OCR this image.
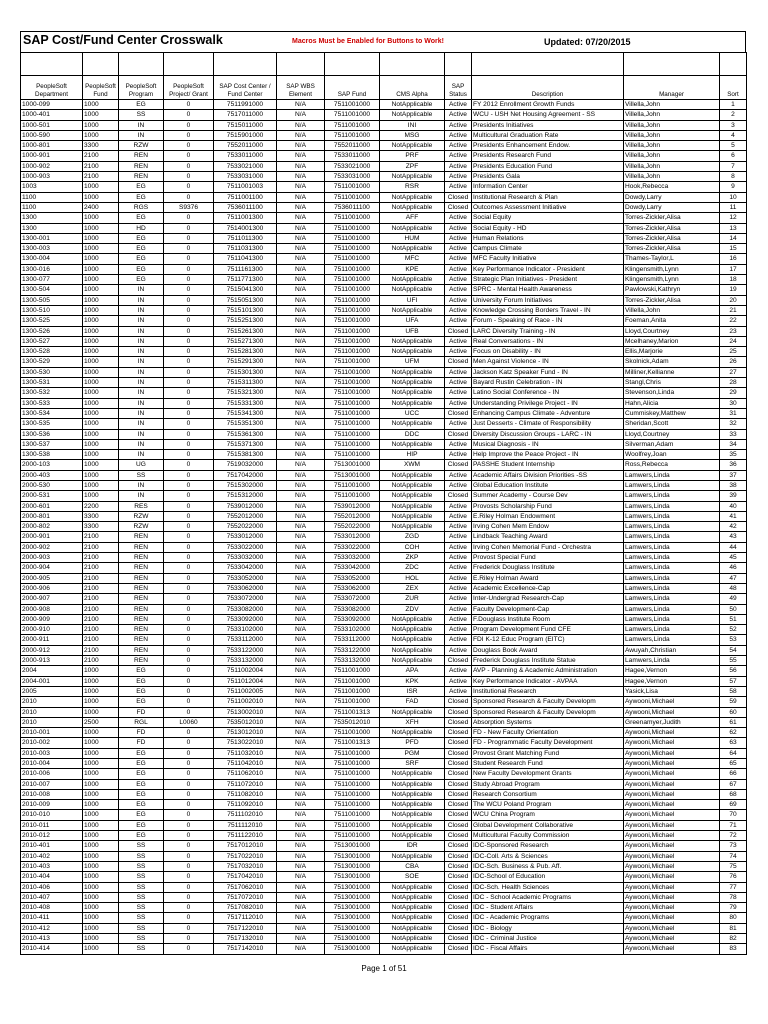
SAP Cost/Fund Center Crosswalk	Macros Must be Enabled for Buttons to Work!	Updated: 07/20/2015

PeopleSoft Department	PeopleSoft Fund	PeopleSoft Program	PeopleSoft Project/ Grant	SAP Cost Center / Fund Center	SAP WBS Element	SAP Fund	CMS Alpha	SAP Status	Description	Manager	Sort
1000-099	1000	EG	0	7511991000	N/A	7511001000	NotApplicable	Active	FY 2012 Enrollment Growth Funds	Villella,John	1
1000-401	1000	SS	0	7517011000	N/A	7511001000	NotApplicable	Active	WCU - USH Net Housing Agreement - SS	Villella,John	2
1000-501	1000	IN	0	7515011000	N/A	7511001000	INI	Active	Presidents Initiatives	Villella,John	3
1000-590	1000	IN	0	7515901000	N/A	7511001000	MSG	Active	Multicultural Graduation Rate	Villella,John	4
1000-801	3300	RZW	0	7552011000	N/A	7552011000	NotApplicable	Active	Presidents Enhancement Endow.	Villella,John	5
1000-901	2100	REN	0	7533011000	N/A	7533011000	PRF	Active	Presidents Research Fund	Villella,John	6
1000-902	2100	REN	0	7533021000	N/A	7533021000	ZPF	Active	Presidents Education Fund	Villella,John	7
1000-903	2100	REN	0	7533031000	N/A	7533031000	NotApplicable	Active	Presidents Gala	Villella,John	8
1003	1000	EG	0	7511001003	N/A	7511001000	RSR	Active	Information Center	Hook,Rebecca	9
1100	1000	EG	0	7511001100	N/A	7511001000	NotApplicable	Closed	Institutional Research & Plan	Dowdy,Larry	10
1100	2400	RGS	S9376	7536011100	N/A	7536011100	NotApplicable	Closed	Outcomes Assessment Initiative	Dowdy,Larry	11
1300	1000	EG	0	7511001300	N/A	7511001000	AFF	Active	Social Equity	Torres-Zickler,Alisa	12
1300	1000	HD	0	7514001300	N/A	7511001000	NotApplicable	Active	Social Equity - HD	Torres-Zickler,Alisa	13
1300-001	1000	EG	0	7511011300	N/A	7511001000	HUM	Active	Human Relations	Torres-Zickler,Alisa	14
1300-003	1000	EG	0	7511031300	N/A	7511001000	NotApplicable	Active	Campus Climate	Torres-Zickler,Alisa	15
1300-004	1000	EG	0	7511041300	N/A	7511001000	MFC	Active	MFC Faculty Initiative	Thames-Taylor,L	16
1300-016	1000	EG	0	7511161300	N/A	7511001000	KPE	Active	Key Performance Indicator - President	Klingensmith,Lynn	17
1300-077	1000	EG	0	7511771300	N/A	7511001000	NotApplicable	Active	Strategic Plan Initiatives - President	Klingensmith,Lynn	18
1300-504	1000	IN	0	7515041300	N/A	7511001000	NotApplicable	Active	SPRC - Mental Health Awareness	Pawlowski,Kathryn	19
1300-505	1000	IN	0	7515051300	N/A	7511001000	UFI	Active	University Forum Initiatives	Torres-Zickler,Alisa	20
1300-510	1000	IN	0	7515101300	N/A	7511001000	NotApplicable	Active	Knowledge Crossing Borders Travel - IN	Villella,John	21
1300-525	1000	IN	0	7515251300	N/A	7511001000	UFA	Active	Forum - Speaking of Race - IN	Foeman,Anita	22
1300-526	1000	IN	0	7515261300	N/A	7511001000	UFB	Closed	LARC Diversity Training - IN	Lloyd,Courtney	23
1300-527	1000	IN	0	7515271300	N/A	7511001000	NotApplicable	Active	Real Conversations - IN	Mcelhaney,Marion	24
1300-528	1000	IN	0	7515281300	N/A	7511001000	NotApplicable	Active	Focus on Disability - IN	Ellis,Marjorie	25
1300-529	1000	IN	0	7515291300	N/A	7511001000	UFM	Closed	Men Against Violence - IN	Skolnick,Adam	26
1300-530	1000	IN	0	7515301300	N/A	7511001000	NotApplicable	Active	Jackson Katz Speaker Fund - IN	Milliner,Kellianne	27
1300-531	1000	IN	0	7515311300	N/A	7511001000	NotApplicable	Active	Bayard Rustin Celebration - IN	Stangl,Chris	28
1300-532	1000	IN	0	7515321300	N/A	7511001000	NotApplicable	Active	Latino Social Conference - IN	Stevenson,Linda	29
1300-533	1000	IN	0	7515331300	N/A	7511001000	NotApplicable	Active	Understanding Privilege Project - IN	Hahn,Alicia	30
1300-534	1000	IN	0	7515341300	N/A	7511001000	UCC	Closed	Enhancing Campus Climate - Adventure	Cummiskey,Matthew	31
1300-535	1000	IN	0	7515351300	N/A	7511001000	NotApplicable	Active	Just Desserts - Climate of Responsibility	Sheridan,Scott	32
1300-536	1000	IN	0	7515361300	N/A	7511001000	DDC	Closed	Diversity Discussion Groups - LARC - IN	Lloyd,Courtney	33
1300-537	1000	IN	0	7515371300	N/A	7511001000	NotApplicable	Active	Musical Diagnosis - IN	Silverman,Adam	34
1300-538	1000	IN	0	7515381300	N/A	7511001000	HIP	Active	Help Improve the Peace Project - IN	Woolfrey,Joan	35
2000-103	1000	UG	0	7519032000	N/A	7513001000	XWM	Closed	PASSHE Student Internship	Ross,Rebecca	36
2000-403	1000	SS	0	7517042000	N/A	7513001000	NotApplicable	Active	Academic Affairs Division Priorities -SS	Lamwers,Linda	37
2000-530	1000	IN	0	7515302000	N/A	7511001000	NotApplicable	Active	Global Education Institute	Lamwers,Linda	38
2000-531	1000	IN	0	7515312000	N/A	7511001000	NotApplicable	Closed	Summer Academy - Course Dev	Lamwers,Linda	39
2000-601	2200	RES	0	7539012000	N/A	7539012000	NotApplicable	Active	Provosts Scholarship Fund	Lamwers,Linda	40
2000-801	3300	RZW	0	7552012000	N/A	7552012000	NotApplicable	Active	E.Riley Holman Endowment	Lamwers,Linda	41
2000-802	3300	RZW	0	7552022000	N/A	7552022000	NotApplicable	Active	Irving Cohen Mem Endow	Lamwers,Linda	42
2000-901	2100	REN	0	7533012000	N/A	7533012000	ZGD	Active	Lindback Teaching Award	Lamwers,Linda	43
2000-902	2100	REN	0	7533022000	N/A	7533022000	COH	Active	Irving Cohen Memorial Fund - Orchestra	Lamwers,Linda	44
2000-903	2100	REN	0	7533032000	N/A	7533032000	ZKP	Active	Provost Special Fund	Lamwers,Linda	45
2000-904	2100	REN	0	7533042000	N/A	7533042000	ZDC	Active	Frederick Douglass Institute	Lamwers,Linda	46
2000-905	2100	REN	0	7533052000	N/A	7533052000	HOL	Active	E.Riley Holman Award	Lamwers,Linda	47
2000-906	2100	REN	0	7533062000	N/A	7533062000	ZEX	Active	Academic Excellence-Cap	Lamwers,Linda	48
2000-907	2100	REN	0	7533072000	N/A	7533072000	ZUR	Active	Inter-Undergrad Research-Cap	Lamwers,Linda	49
2000-908	2100	REN	0	7533082000	N/A	7533082000	ZDV	Active	Faculty Development-Cap	Lamwers,Linda	50
2000-909	2100	REN	0	7533092000	N/A	7533092000	NotApplicable	Active	F.Douglass Institute Room	Lamwers,Linda	51
2000-910	2100	REN	0	7533102000	N/A	7533102000	NotApplicable	Active	Program Development Fund CFE	Lamwers,Linda	52
2000-911	2100	REN	0	7533112000	N/A	7533112000	NotApplicable	Active	FDI K-12 Educ Program (EITC)	Lamwers,Linda	53
2000-912	2100	REN	0	7533122000	N/A	7533122000	NotApplicable	Active	Douglass Book Award	Awuyah,Christian	54
2000-913	2100	REN	0	7533132000	N/A	7533132000	NotApplicable	Closed	Frederick Douglass Institute Statue	Lamwers,Linda	55
2004	1000	EG	0	7511002004	N/A	7511001000	APA	Active	AVP - Planning & Academic Administration	Hagee,Vernon	56
2004-001	1000	EG	0	7511012004	N/A	7511001000	KPK	Active	Key Performance Indicator - AVPAA	Hagee,Vernon	57
2005	1000	EG	0	7511002005	N/A	7511001000	ISR	Active	Institutional Research	Yasick,Lisa	58
2010	1000	EG	0	7511002010	N/A	7511001000	FAD	Closed	Sponsored Research & Faculty Developm	Aywooni,Michael	59
2010	1000	FD	0	7513002010	N/A	7511001313	NotApplicable	Closed	Sponsored Research & Faculty Developm	Aywooni,Michael	60
2010	2500	RGL	L0060	7535012010	N/A	7535012010	XFH	Closed	Absorption Systems	Greenamyer,Judith	61
2010-001	1000	FD	0	7513012010	N/A	7511001000	NotApplicable	Closed	FD - New Faculty Orientation	Aywooni,Michael	62
2010-002	1000	FD	0	7513022010	N/A	7511001313	PFD	Closed	FD - Programmatic Faculty Development	Aywooni,Michael	63
2010-003	1000	EG	0	7511032010	N/A	7511001000	PGM	Closed	Provost Grant Matching Fund	Aywooni,Michael	64
2010-004	1000	EG	0	7511042010	N/A	7511001000	SRF	Closed	Student Research Fund	Aywooni,Michael	65
2010-006	1000	EG	0	7511062010	N/A	7511001000	NotApplicable	Closed	New Faculty Development Grants	Aywooni,Michael	66
2010-007	1000	EG	0	7511072010	N/A	7511001000	NotApplicable	Closed	Study Abroad Program	Aywooni,Michael	67
2010-008	1000	EG	0	7511082010	N/A	7511001000	NotApplicable	Closed	Research Consortium	Aywooni,Michael	68
2010-009	1000	EG	0	7511092010	N/A	7511001000	NotApplicable	Closed	The WCU Poland Program	Aywooni,Michael	69
2010-010	1000	EG	0	7511102010	N/A	7511001000	NotApplicable	Closed	WCU China Program	Aywooni,Michael	70
2010-011	1000	EG	0	7511112010	N/A	7511001000	NotApplicable	Closed	Global Development Collaborative	Aywooni,Michael	71
2010-012	1000	EG	0	7511122010	N/A	7511001000	NotApplicable	Closed	Multicultural Faculty Commission	Aywooni,Michael	72
2010-401	1000	SS	0	7517012010	N/A	7513001000	IDR	Closed	IDC-Sponsored Research	Aywooni,Michael	73
2010-402	1000	SS	0	7517022010	N/A	7513001000	NotApplicable	Closed	IDC-Coll. Arts & Sciences	Aywooni,Michael	74
2010-403	1000	SS	0	7517032010	N/A	7513001000	CBA	Closed	IDC-Sch. Business & Pub. Aff.	Aywooni,Michael	75
2010-404	1000	SS	0	7517042010	N/A	7513001000	SOE	Closed	IDC-School of Education	Aywooni,Michael	76
2010-406	1000	SS	0	7517062010	N/A	7513001000	NotApplicable	Closed	IDC-Sch. Health Sciences	Aywooni,Michael	77
2010-407	1000	SS	0	7517072010	N/A	7513001000	NotApplicable	Closed	IDC - School Academic Programs	Aywooni,Michael	78
2010-408	1000	SS	0	7517082010	N/A	7513001000	NotApplicable	Closed	IDC - Student Affairs	Aywooni,Michael	79
2010-411	1000	SS	0	7517112010	N/A	7513001000	NotApplicable	Closed	IDC - Academic Programs	Aywooni,Michael	80
2010-412	1000	SS	0	7517122010	N/A	7513001000	NotApplicable	Closed	IDC - Biology	Aywooni,Michael	81
2010-413	1000	SS	0	7517132010	N/A	7513001000	NotApplicable	Closed	IDC - Criminal Justice	Aywooni,Michael	82
2010-414	1000	SS	0	7517142010	N/A	7513001000	NotApplicable	Closed	IDC - Fiscal Affairs	Aywooni,Michael	83
Page 1 of 51
